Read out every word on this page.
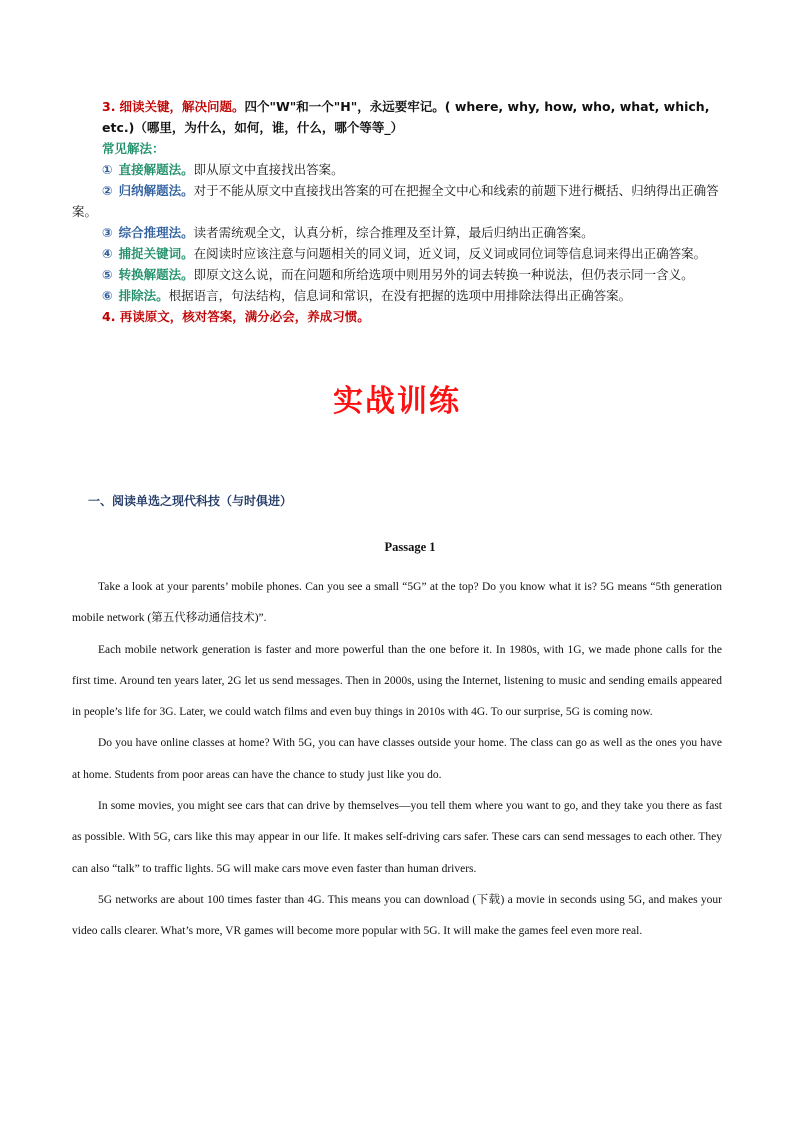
3. 细读关键，解决问题。四个"W"和一个"H"，永远要牢记。( where, why, how, who, what, which, etc.)（哪里，为什么，如何，谁，什么，哪个等等_）

常见解法：

① 直接解题法。即从原文中直接找出答案。

② 归纳解题法。对于不能从原文中直接找出答案的可在把握全文中心和线索的前题下进行概括、归纳得出正确答案。

③ 综合推理法。读者需统观全文，认真分析，综合推理及至计算，最后归纳出正确答案。

④ 捕捉关键词。在阅读时应该注意与问题相关的同义词，近义词，反义词或同位词等信息词来得出正确答案。

⑤ 转换解题法。即原文这么说，而在问题和所给选项中则用另外的词去转换一种说法，但仍表示同一含义。

⑥ 排除法。根据语言，句法结构，信息词和常识，在没有把握的选项中用排除法得出正确答案。

4. 再读原文，核对答案，满分必会，养成习惯。

实战训练
一、阅读单选之现代科技（与时俱进）
Passage 1

Take a look at your parents’ mobile phones. Can you see a small “5G” at the top? Do you know what it is? 5G means “5th generation mobile network (第五代移动通信技术)”.

Each mobile network generation is faster and more powerful than the one before it. In 1980s, with 1G, we made phone calls for the first time. Around ten years later, 2G let us send messages. Then in 2000s, using the Internet, listening to music and sending emails appeared in people’s life for 3G. Later, we could watch films and even buy things in 2010s with 4G. To our surprise, 5G is coming now.

Do you have online classes at home? With 5G, you can have classes outside your home. The class can go as well as the ones you have at home. Students from poor areas can have the chance to study just like you do.

In some movies, you might see cars that can drive by themselves—you tell them where you want to go, and they take you there as fast as possible. With 5G, cars like this may appear in our life. It makes self-driving cars safer. These cars can send messages to each other. They can also “talk” to traffic lights. 5G will make cars move even faster than human drivers.

5G networks are about 100 times faster than 4G. This means you can download (下载) a movie in seconds using 5G, and makes your video calls clearer. What’s more, VR games will become more popular with 5G. It will make the games feel even more real.
